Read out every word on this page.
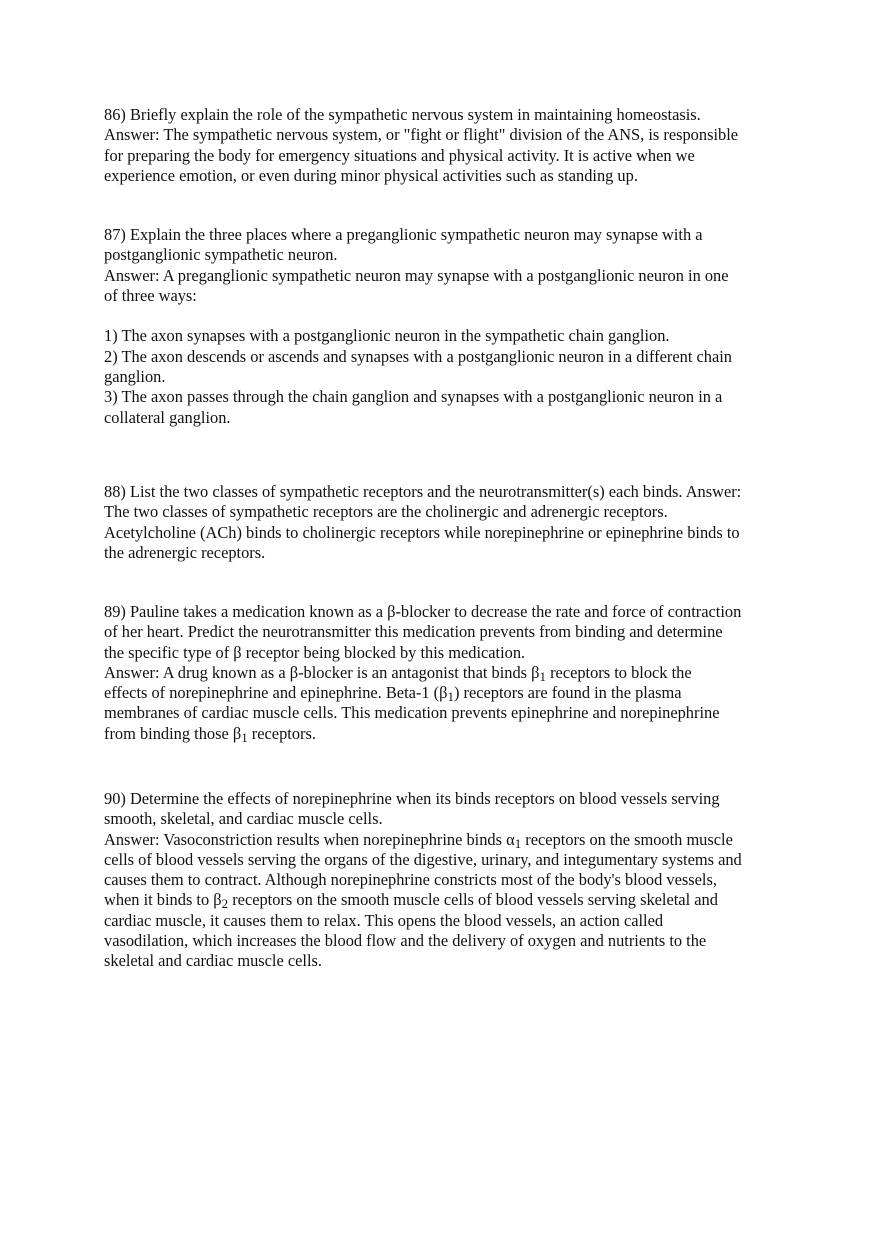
86) Briefly explain the role of the sympathetic nervous system in maintaining homeostasis.
Answer: The sympathetic nervous system, or "fight or flight" division of the ANS, is responsible
for preparing the body for emergency situations and physical activity. It is active when we
experience emotion, or even during minor physical activities such as standing up.
87) Explain the three places where a preganglionic sympathetic neuron may synapse with a
postganglionic sympathetic neuron.
Answer: A preganglionic sympathetic neuron may synapse with a postganglionic neuron in one
of three ways:
1) The axon synapses with a postganglionic neuron in the sympathetic chain ganglion.
2) The axon descends or ascends and synapses with a postganglionic neuron in a different chain
ganglion.
3) The axon passes through the chain ganglion and synapses with a postganglionic neuron in a
collateral ganglion.
88) List the two classes of sympathetic receptors and the neurotransmitter(s) each binds. Answer:
The two classes of sympathetic receptors are the cholinergic and adrenergic receptors.
Acetylcholine (ACh) binds to cholinergic receptors while norepinephrine or epinephrine binds to
the adrenergic receptors.
89) Pauline takes a medication known as a β-blocker to decrease the rate and force of contraction
of her heart. Predict the neurotransmitter this medication prevents from binding and determine
the specific type of β receptor being blocked by this medication.
Answer: A drug known as a β-blocker is an antagonist that binds $\beta_1$ receptors to block the
effects of norepinephrine and epinephrine. Beta-1 $(\beta_1)$ receptors are found in the plasma
membranes of cardiac muscle cells. This medication prevents epinephrine and norepinephrine
from binding those $\beta_1$ receptors.
90) Determine the effects of norepinephrine when its binds receptors on blood vessels serving
smooth, skeletal, and cardiac muscle cells.
Answer: Vasoconstriction results when norepinephrine binds $\alpha_1$ receptors on the smooth muscle
cells of blood vessels serving the organs of the digestive, urinary, and integumentary systems and
causes them to contract. Although norepinephrine constricts most of the body's blood vessels,
when it binds to $\beta_2$ receptors on the smooth muscle cells of blood vessels serving skeletal and
cardiac muscle, it causes them to relax. This opens the blood vessels, an action called
vasodilation, which increases the blood flow and the delivery of oxygen and nutrients to the
skeletal and cardiac muscle cells.
